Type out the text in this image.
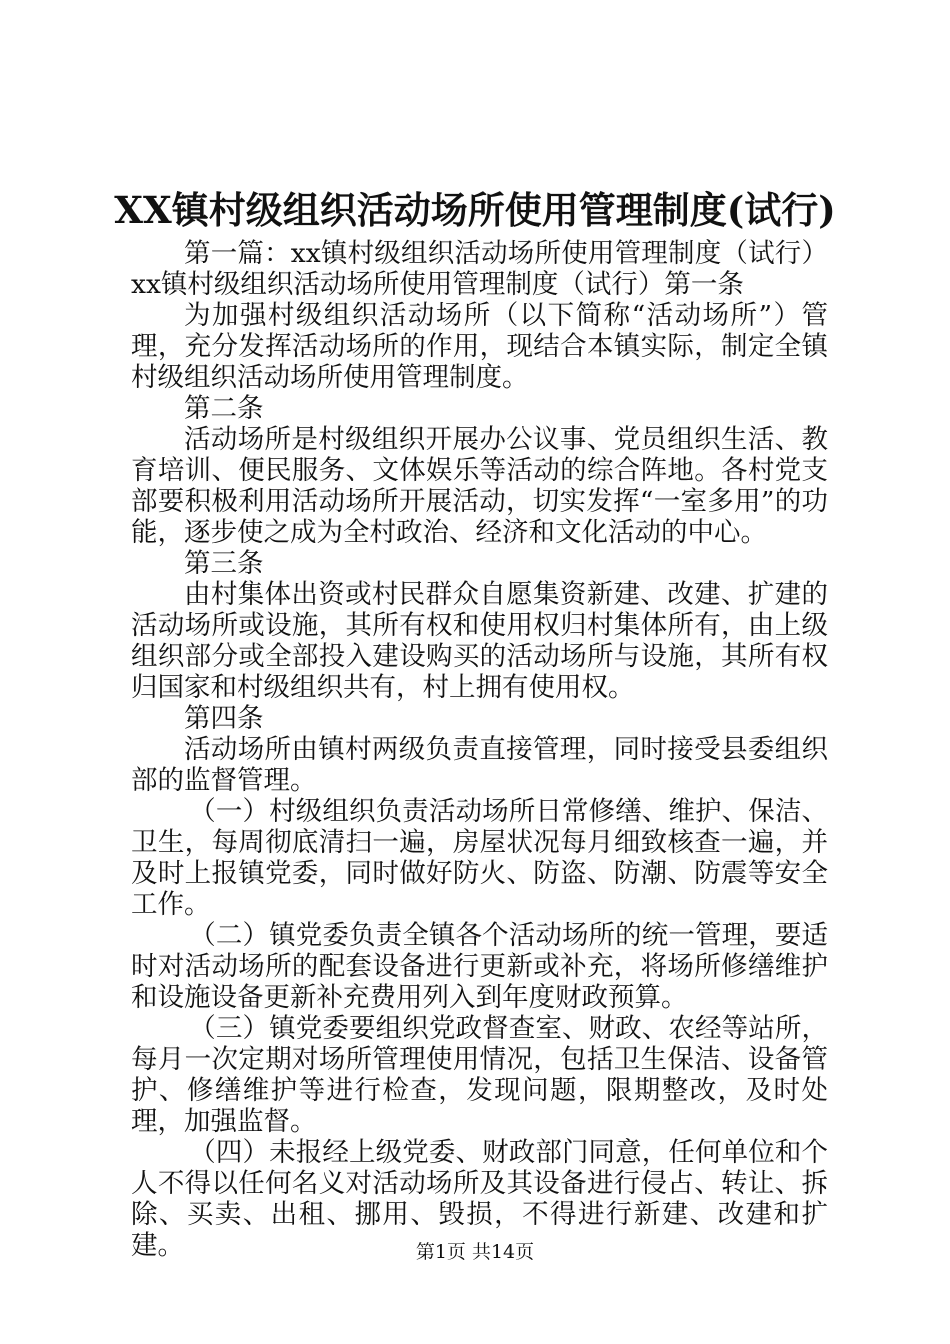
XX镇村级组织活动场所使用管理制度(试行)

第一篇：xx镇村级组织活动场所使用管理制度（试行）xx镇村级组织活动场所使用管理制度（试行）第一条

为加强村级组织活动场所（以下简称“活动场所”）管理，充分发挥活动场所的作用，现结合本镇实际，制定全镇村级组织活动场所使用管理制度。

第二条

活动场所是村级组织开展办公议事、党员组织生活、教育培训、便民服务、文体娱乐等活动的综合阵地。各村党支部要积极利用活动场所开展活动，切实发挥“一室多用”的功能，逐步使之成为全村政治、经济和文化活动的中心。

第三条

由村集体出资或村民群众自愿集资新建、改建、扩建的活动场所或设施，其所有权和使用权归村集体所有，由上级组织部分或全部投入建设购买的活动场所与设施，其所有权归国家和村级组织共有，村上拥有使用权。

第四条

活动场所由镇村两级负责直接管理，同时接受县委组织部的监督管理。

（一）村级组织负责活动场所日常修缮、维护、保洁、卫生，每周彻底清扫一遍，房屋状况每月细致核查一遍，并及时上报镇党委，同时做好防火、防盗、防潮、防震等安全工作。

（二）镇党委负责全镇各个活动场所的统一管理，要适时对活动场所的配套设备进行更新或补充，将场所修缮维护和设施设备更新补充费用列入到年度财政预算。

（三）镇党委要组织党政督查室、财政、农经等站所，每月一次定期对场所管理使用情况，包括卫生保洁、设备管护、修缮维护等进行检查，发现问题，限期整改，及时处理，加强监督。

（四）未报经上级党委、财政部门同意，任何单位和个人不得以任何名义对活动场所及其设备进行侵占、转让、拆除、买卖、出租、挪用、毁损，不得进行新建、改建和扩建。	第1页 共14页
